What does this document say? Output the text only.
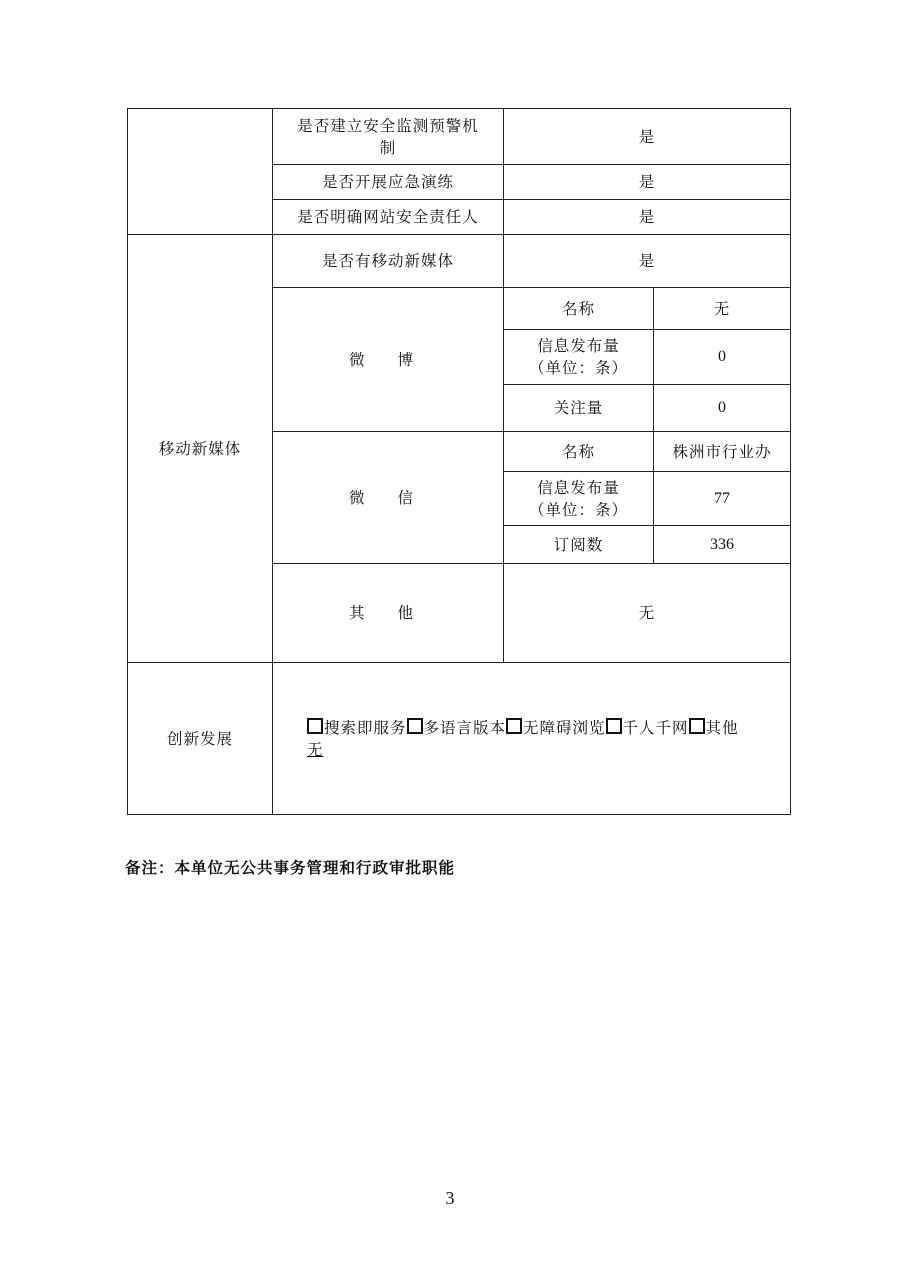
	是否建立安全监测预警机制	是	
	是否开展应急演练	是	
	是否明确网站安全责任人	是	
移动新媒体	是否有移动新媒体	是	
	微 博	名称	无
		信息发布量（单位：条）	0
		关注量	0
	微 信	名称	株洲市行业办
		信息发布量（单位：条）	77
		订阅数	336
	其 他	无	
创新发展	搜索即服务 多语言版本 无障碍浏览 千人千网 其他
无		
备注：本单位无公共事务管理和行政审批职能
3
